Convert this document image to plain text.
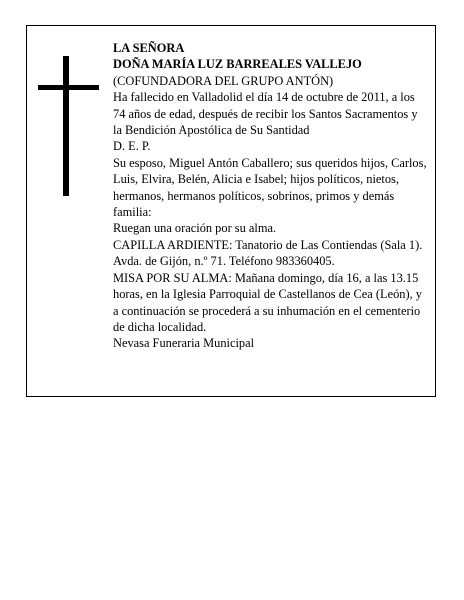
LA SEÑORA

DOÑA MARÍA LUZ BARREALES VALLEJO

(COFUNDADORA DEL GRUPO ANTÓN)

Ha fallecido en Valladolid el día 14 de octubre de 2011, a los 74 años de edad, después de recibir los Santos Sacramentos y la Bendición Apostólica de Su Santidad

D. E. P.

Su esposo, Miguel Antón Caballero; sus queridos hijos, Carlos, Luis, Elvira, Belén, Alicia e Isabel; hijos políticos, nietos, hermanos, hermanos políticos, sobrinos, primos y demás familia:

Ruegan una oración por su alma.

CAPILLA ARDIENTE: Tanatorio de Las Contiendas (Sala 1). Avda. de Gijón, n.º 71. Teléfono 983360405.

MISA POR SU ALMA: Mañana domingo, día 16, a las 13.15 horas, en la Iglesia Parroquial de Castellanos de Cea (León), y a continuación se procederá a su inhumación en el cementerio de dicha localidad.

Nevasa Funeraria Municipal
